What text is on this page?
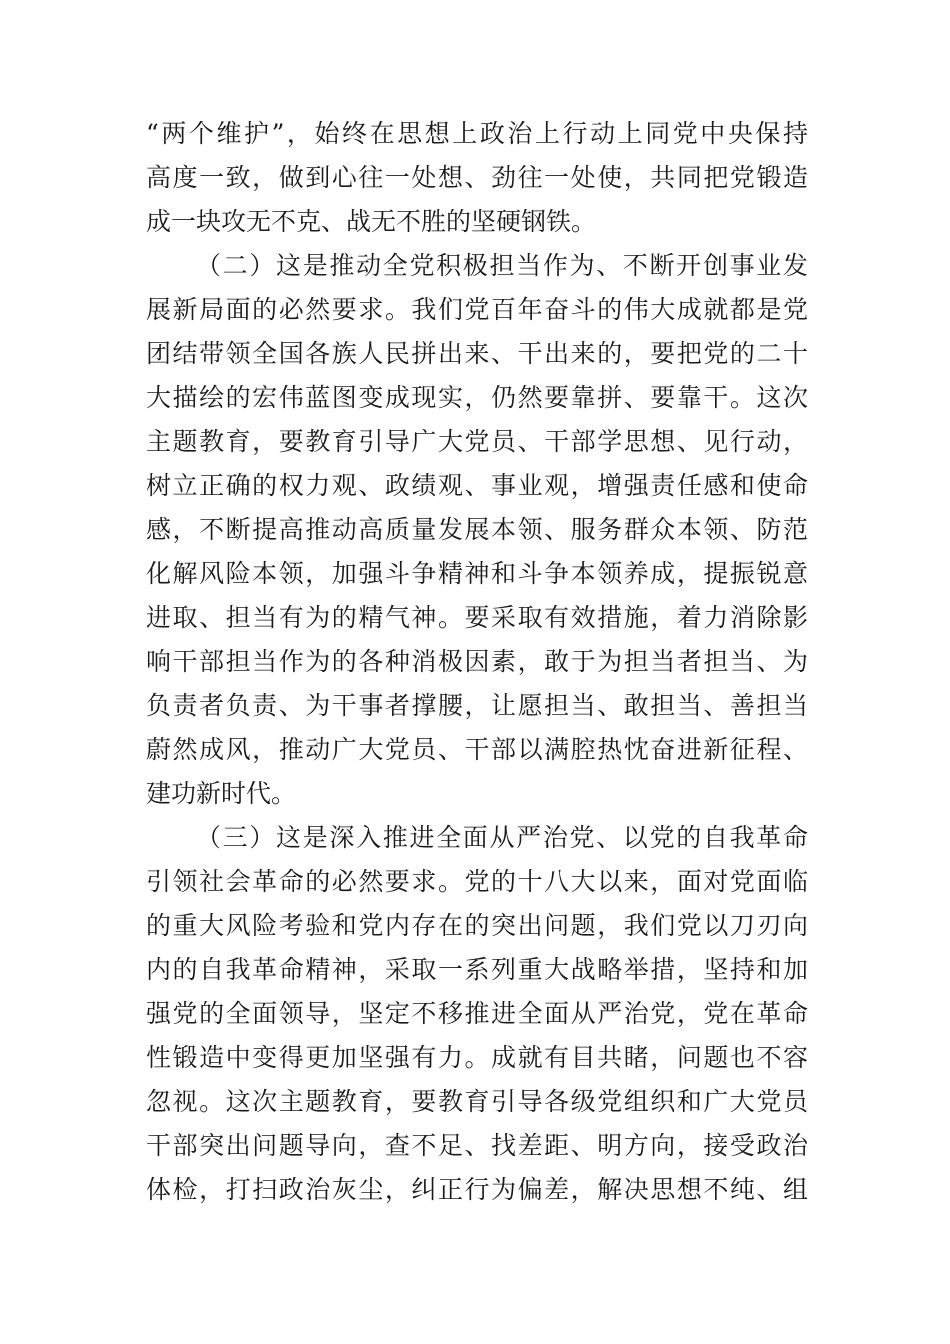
“两个维护”，始终在思想上政治上行动上同党中央保持
高度一致，做到心往一处想、劲往一处使，共同把党锻造
成一块攻无不克、战无不胜的坚硬钢铁。
（二）这是推动全党积极担当作为、不断开创事业发
展新局面的必然要求。我们党百年奋斗的伟大成就都是党
团结带领全国各族人民拼出来、干出来的，要把党的二十
大描绘的宏伟蓝图变成现实，仍然要靠拼、要靠干。这次
主题教育，要教育引导广大党员、干部学思想、见行动，
树立正确的权力观、政绩观、事业观，增强责任感和使命
感，不断提高推动高质量发展本领、服务群众本领、防范
化解风险本领，加强斗争精神和斗争本领养成，提振锐意
进取、担当有为的精气神。要采取有效措施，着力消除影
响干部担当作为的各种消极因素，敢于为担当者担当、为
负责者负责、为干事者撑腰，让愿担当、敢担当、善担当
蔚然成风，推动广大党员、干部以满腔热忱奋进新征程、
建功新时代。
（三）这是深入推进全面从严治党、以党的自我革命
引领社会革命的必然要求。党的十八大以来，面对党面临
的重大风险考验和党内存在的突出问题，我们党以刀刃向
内的自我革命精神，采取一系列重大战略举措，坚持和加
强党的全面领导，坚定不移推进全面从严治党，党在革命
性锻造中变得更加坚强有力。成就有目共睹，问题也不容
忽视。这次主题教育，要教育引导各级党组织和广大党员
干部突出问题导向，查不足、找差距、明方向，接受政治
体检，打扫政治灰尘，纠正行为偏差，解决思想不纯、组
